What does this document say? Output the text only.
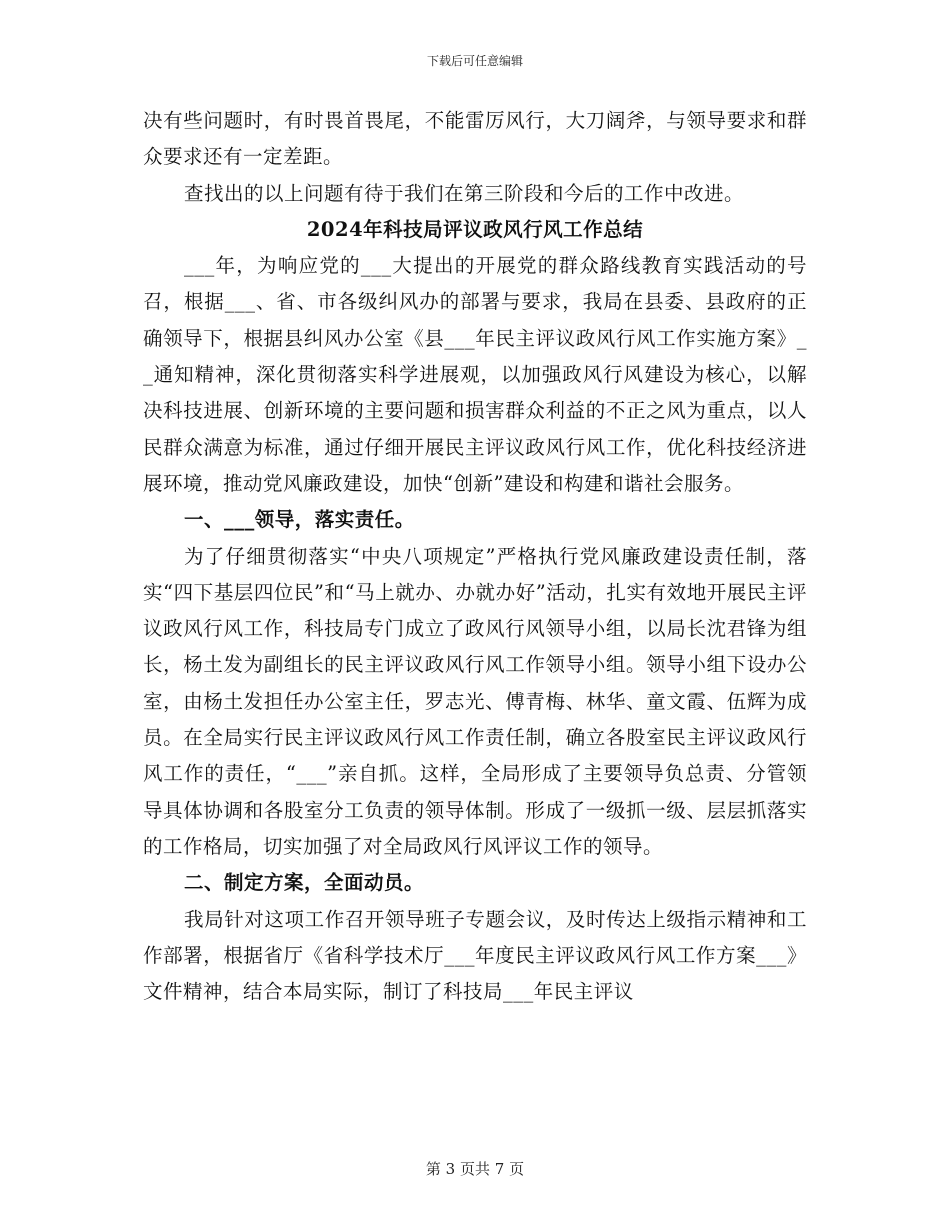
下载后可任意编辑

决有些问题时，有时畏首畏尾，不能雷厉风行，大刀阔斧，与领导要求和群众要求还有一定差距。

查找出的以上问题有待于我们在第三阶段和今后的工作中改进。

2024年科技局评议政风行风工作总结

___年，为响应党的___大提出的开展党的群众路线教育实践活动的号召，根据___、省、市各级纠风办的部署与要求，我局在县委、县政府的正确领导下，根据县纠风办公室《县___年民主评议政风行风工作实施方案》__通知精神，深化贯彻落实科学进展观，以加强政风行风建设为核心，以解决科技进展、创新环境的主要问题和损害群众利益的不正之风为重点，以人民群众满意为标准，通过仔细开展民主评议政风行风工作，优化科技经济进展环境，推动党风廉政建设，加快“创新”建设和构建和谐社会服务。

一、___领导，落实责任。

为了仔细贯彻落实“中央八项规定”严格执行党风廉政建设责任制，落实“四下基层四位民”和“马上就办、办就办好”活动，扎实有效地开展民主评议政风行风工作，科技局专门成立了政风行风领导小组，以局长沈君锋为组长，杨土发为副组长的民主评议政风行风工作领导小组。领导小组下设办公室，由杨土发担任办公室主任，罗志光、傅青梅、林华、童文霞、伍辉为成员。在全局实行民主评议政风行风工作责任制，确立各股室民主评议政风行风工作的责任，“___”亲自抓。这样，全局形成了主要领导负总责、分管领导具体协调和各股室分工负责的领导体制。形成了一级抓一级、层层抓落实的工作格局，切实加强了对全局政风行风评议工作的领导。

二、制定方案，全面动员。

我局针对这项工作召开领导班子专题会议，及时传达上级指示精神和工作部署，根据省厅《省科学技术厅___年度民主评议政风行风工作方案___》文件精神，结合本局实际，制订了科技局___年民主评议

第 3 页共 7 页
